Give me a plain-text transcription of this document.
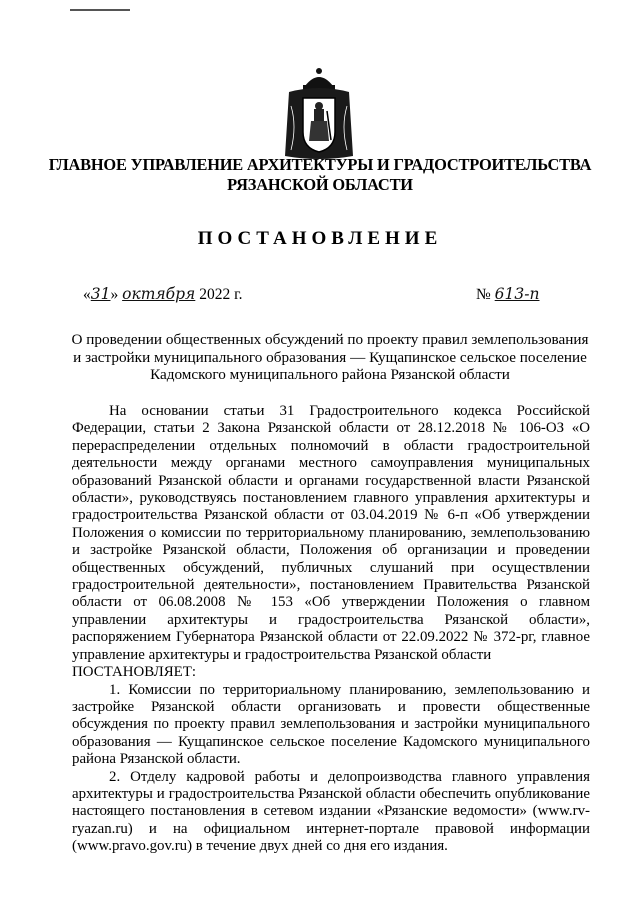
ГЛАВНОЕ УПРАВЛЕНИЕ АРХИТЕКТУРЫ И ГРАДОСТРОИТЕЛЬСТВА
РЯЗАНСКОЙ ОБЛАСТИ
ПОСТАНОВЛЕНИЕ
«31» октября 2022 г.	№ 613-п
О проведении общественных обсуждений по проекту правил землепользования и застройки муниципального образования — Кущапинское сельское поселение Кадомского муниципального района Рязанской области

На основании статьи 31 Градостроительного кодекса Российской Федерации, статьи 2 Закона Рязанской области от 28.12.2018 № 106-ОЗ «О перераспределении отдельных полномочий в области градостроительной деятельности между органами местного самоуправления муниципальных образований Рязанской области и органами государственной власти Рязанской области», руководствуясь постановлением главного управления архитектуры и градостроительства Рязанской области от 03.04.2019 № 6-п «Об утверждении Положения о комиссии по территориальному планированию, землепользованию и застройке Рязанской области, Положения об организации и проведении общественных обсуждений, публичных слушаний при осуществлении градостроительной деятельности», постановлением Правительства Рязанской области от 06.08.2008 № 153 «Об утверждении Положения о главном управлении архитектуры и градостроительства Рязанской области», распоряжением Губернатора Рязанской области от 22.09.2022 № 372-рг, главное управление архитектуры и градостроительства Рязанской области

ПОСТАНОВЛЯЕТ:

1. Комиссии по территориальному планированию, землепользованию и застройке Рязанской области организовать и провести общественные обсуждения по проекту правил землепользования и застройки муниципального образования — Кущапинское сельское поселение Кадомского муниципального района Рязанской области.

2. Отделу кадровой работы и делопроизводства главного управления архитектуры и градостроительства Рязанской области обеспечить опубликование настоящего постановления в сетевом издании «Рязанские ведомости» (www.rv-ryazan.ru) и на официальном интернет-портале правовой информации (www.pravo.gov.ru) в течение двух дней со дня его издания.
